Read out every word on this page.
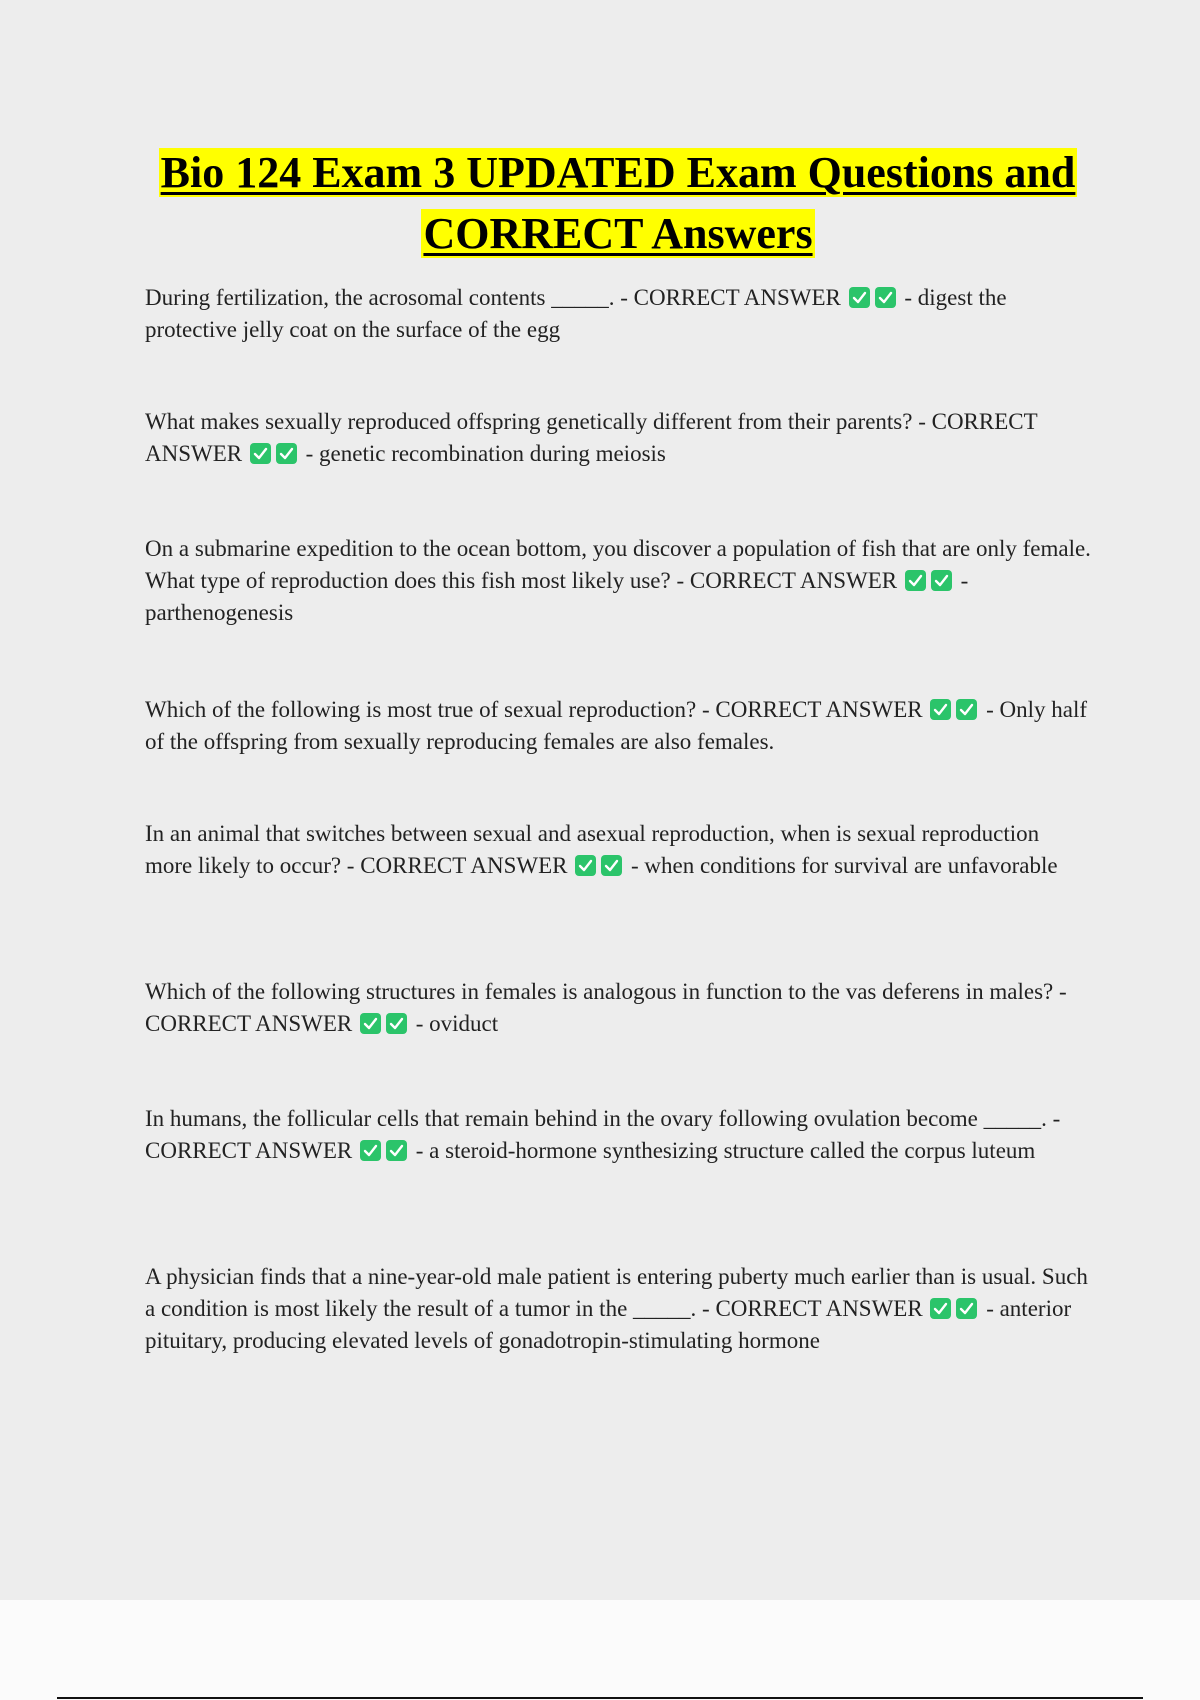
Bio 124 Exam 3 UPDATED Exam Questions and CORRECT Answers
During fertilization, the acrosomal contents _____. - CORRECT ANSWER	- digest the protective jelly coat on the surface of the egg
What makes sexually reproduced offspring genetically different from their parents? - CORRECT ANSWER	- genetic recombination during meiosis
On a submarine expedition to the ocean bottom, you discover a population of fish that are only female. What type of reproduction does this fish most likely use? - CORRECT ANSWER	- parthenogenesis
Which of the following is most true of sexual reproduction? - CORRECT ANSWER	- Only half of the offspring from sexually reproducing females are also females.
In an animal that switches between sexual and asexual reproduction, when is sexual reproduction more likely to occur? - CORRECT ANSWER	- when conditions for survival are unfavorable
Which of the following structures in females is analogous in function to the vas deferens in males? - CORRECT ANSWER	- oviduct
In humans, the follicular cells that remain behind in the ovary following ovulation become _____. - CORRECT ANSWER	- a steroid-hormone synthesizing structure called the corpus luteum
A physician finds that a nine-year-old male patient is entering puberty much earlier than is usual. Such a condition is most likely the result of a tumor in the _____. - CORRECT ANSWER	- anterior pituitary, producing elevated levels of gonadotropin-stimulating hormone
